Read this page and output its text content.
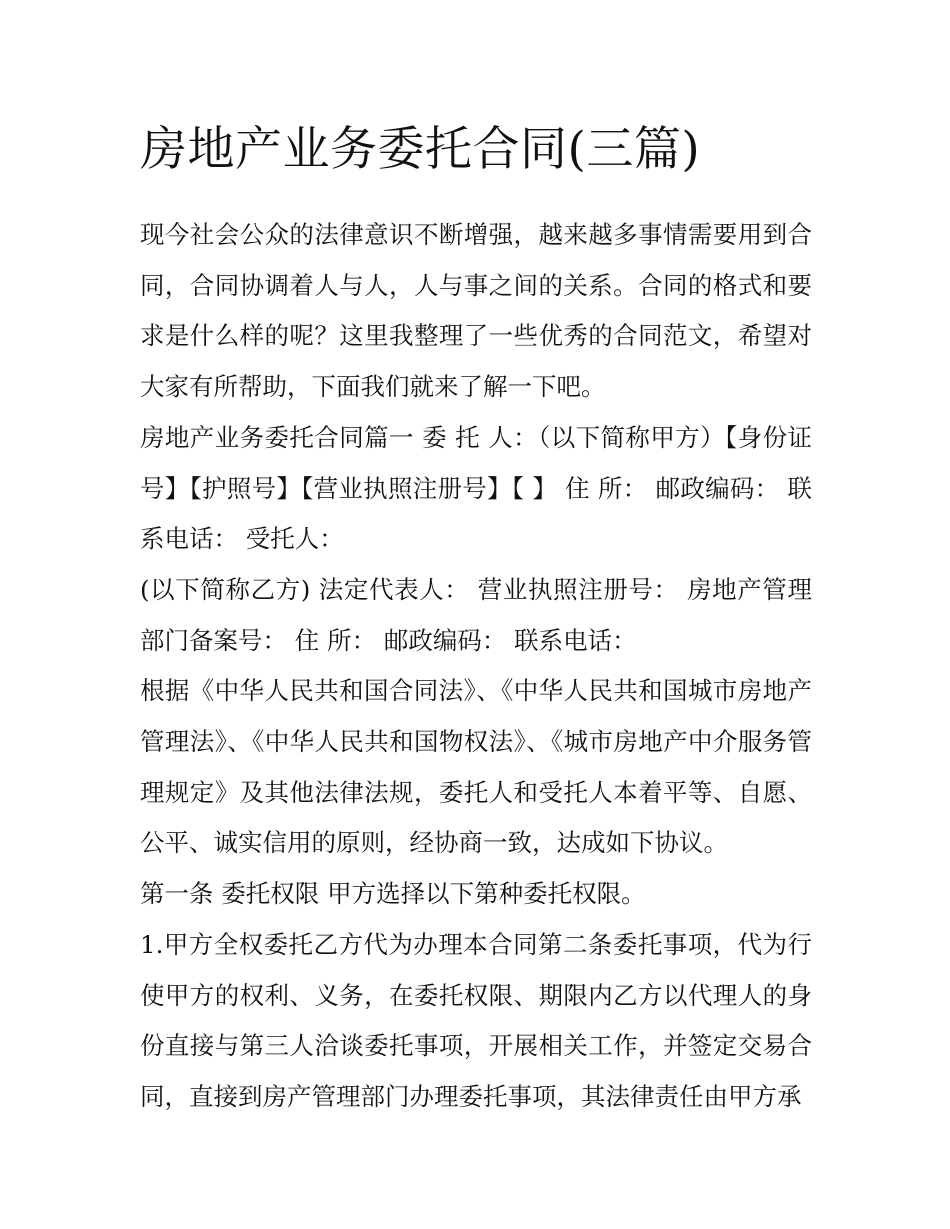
房地产业务委托合同(三篇)

现今社会公众的法律意识不断增强，越来越多事情需要用到合同，合同协调着人与人，人与事之间的关系。合同的格式和要求是什么样的呢？这里我整理了一些优秀的合同范文，希望对大家有所帮助，下面我们就来了解一下吧。

房地产业务委托合同篇一 委 托 人：（以下简称甲方）【身份证号】【护照号】【营业执照注册号】【 】 住 所： 邮政编码： 联系电话： 受托人：

(以下简称乙方) 法定代表人： 营业执照注册号： 房地产管理部门备案号： 住 所： 邮政编码： 联系电话：

根据《中华人民共和国合同法》、《中华人民共和国城市房地产管理法》、《中华人民共和国物权法》、《城市房地产中介服务管理规定》及其他法律法规，委托人和受托人本着平等、自愿、公平、诚实信用的原则，经协商一致，达成如下协议。

第一条 委托权限 甲方选择以下第种委托权限。

1.甲方全权委托乙方代为办理本合同第二条委托事项，代为行使甲方的权利、义务，在委托权限、期限内乙方以代理人的身份直接与第三人洽谈委托事项，开展相关工作，并签定交易合同，直接到房产管理部门办理委托事项，其法律责任由甲方承
